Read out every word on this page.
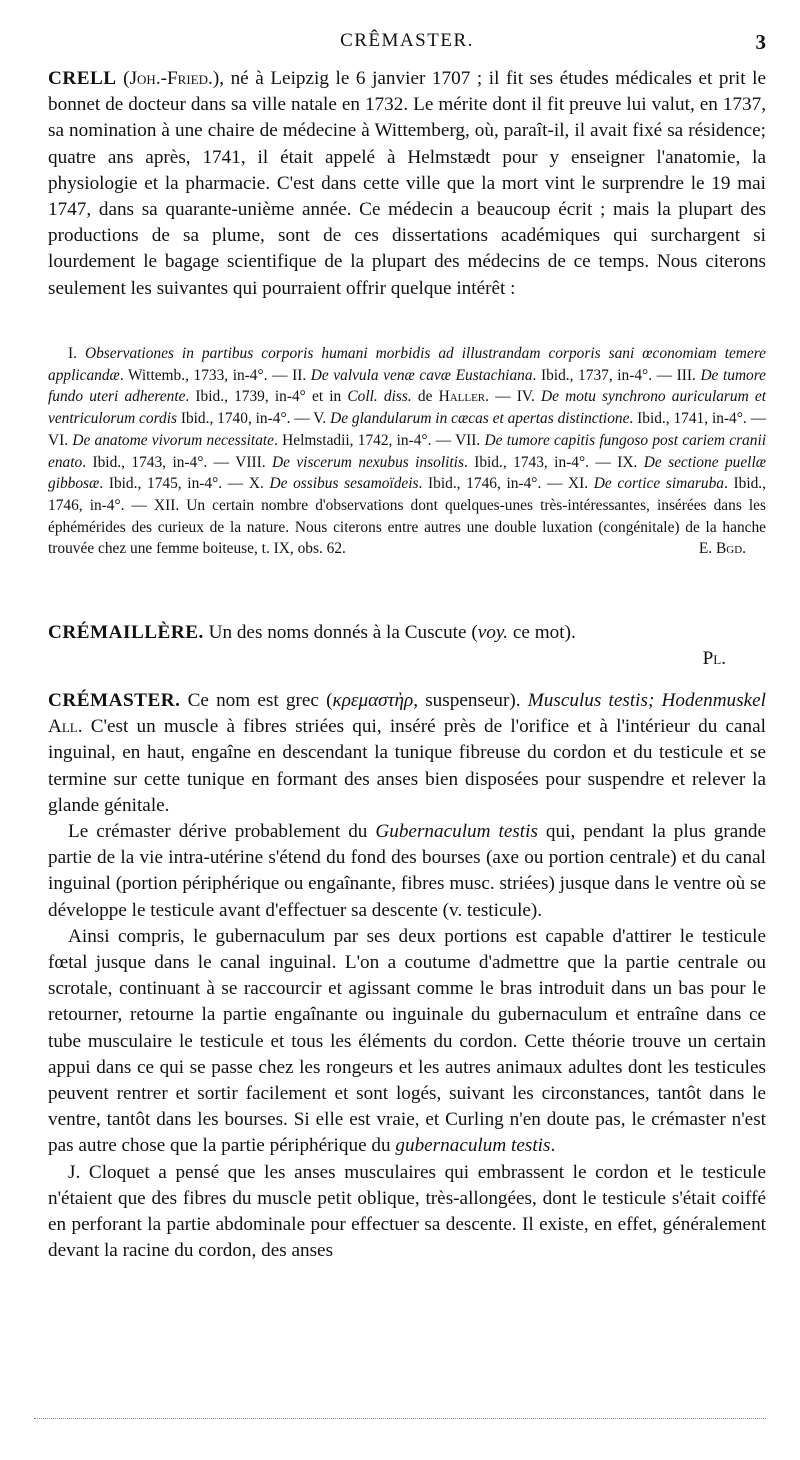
CRÊMASTER.	3

CRELL (Joh.-Fried.), né à Leipzig le 6 janvier 1707 ; il fit ses études médicales et prit le bonnet de docteur dans sa ville natale en 1732. Le mérite dont il fit preuve lui valut, en 1737, sa nomination à une chaire de médecine à Wittemberg, où, paraît-il, il avait fixé sa résidence; quatre ans après, 1741, il était appelé à Helmstædt pour y enseigner l'anatomie, la physiologie et la pharmacie. C'est dans cette ville que la mort vint le surprendre le 19 mai 1747, dans sa quarante-unième année. Ce médecin a beaucoup écrit ; mais la plupart des productions de sa plume, sont de ces dissertations académiques qui surchargent si lourdement le bagage scientifique de la plupart des médecins de ce temps. Nous citerons seulement les suivantes qui pourraient offrir quelque intérêt :

I. Observationes in partibus corporis humani morbidis ad illustrandam corporis sani œconomiam temere applicandæ. Wittemb., 1733, in-4°. — II. De valvula venæ cavæ Eustachiana. Ibid., 1737, in-4°. — III. De tumore fundo uteri adherente. Ibid., 1739, in-4° et in Coll. diss. de Haller. — IV. De motu synchrono auricularum et ventriculorum cordis Ibid., 1740, in-4°. — V. De glandularum in cæcas et apertas distinctione. Ibid., 1741, in-4°. — VI. De anatome vivorum necessitate. Helmstadii, 1742, in-4°. — VII. De tumore capitis fungoso post cariem cranii enato. Ibid., 1743, in-4°. — VIII. De viscerum nexubus insolitis. Ibid., 1743, in-4°. — IX. De sectione puellæ gibbosæ. Ibid., 1745, in-4°. — X. De ossibus sesamoïdeis. Ibid., 1746, in-4°. — XI. De cortice simaruba. Ibid., 1746, in-4°. — XII. Un certain nombre d'observations dont quelques-unes très-intéressantes, insérées dans les éphémérides des curieux de la nature. Nous citerons entre autres une double luxation (congénitale) de la hanche trouvée chez une femme boiteuse, t. IX, obs. 62.	E. Bgd.

CRÉMAILLÈRE. Un des noms donnés à la Cuscute (voy. ce mot).

Pl.

CRÉMASTER. Ce nom est grec (κρεμαστὴρ, suspenseur). Musculus testis; Hodenmuskel All. C'est un muscle à fibres striées qui, inséré près de l'orifice et à l'intérieur du canal inguinal, en haut, engaîne en descendant la tunique fibreuse du cordon et du testicule et se termine sur cette tunique en formant des anses bien disposées pour suspendre et relever la glande génitale.

Le crémaster dérive probablement du Gubernaculum testis qui, pendant la plus grande partie de la vie intra-utérine s'étend du fond des bourses (axe ou portion centrale) et du canal inguinal (portion périphérique ou engaînante, fibres musc. striées) jusque dans le ventre où se développe le testicule avant d'effectuer sa descente (v. testicule).

Ainsi compris, le gubernaculum par ses deux portions est capable d'attirer le testicule fœtal jusque dans le canal inguinal. L'on a coutume d'admettre que la partie centrale ou scrotale, continuant à se raccourcir et agissant comme le bras introduit dans un bas pour le retourner, retourne la partie engaînante ou inguinale du gubernaculum et entraîne dans ce tube musculaire le testicule et tous les éléments du cordon. Cette théorie trouve un certain appui dans ce qui se passe chez les rongeurs et les autres animaux adultes dont les testicules peuvent rentrer et sortir facilement et sont logés, suivant les circonstances, tantôt dans le ventre, tantôt dans les bourses. Si elle est vraie, et Curling n'en doute pas, le crémaster n'est pas autre chose que la partie périphérique du gubernaculum testis.

J. Cloquet a pensé que les anses musculaires qui embrassent le cordon et le testicule n'étaient que des fibres du muscle petit oblique, très-allongées, dont le testicule s'était coiffé en perforant la partie abdominale pour effectuer sa descente. Il existe, en effet, généralement devant la racine du cordon, des anses
